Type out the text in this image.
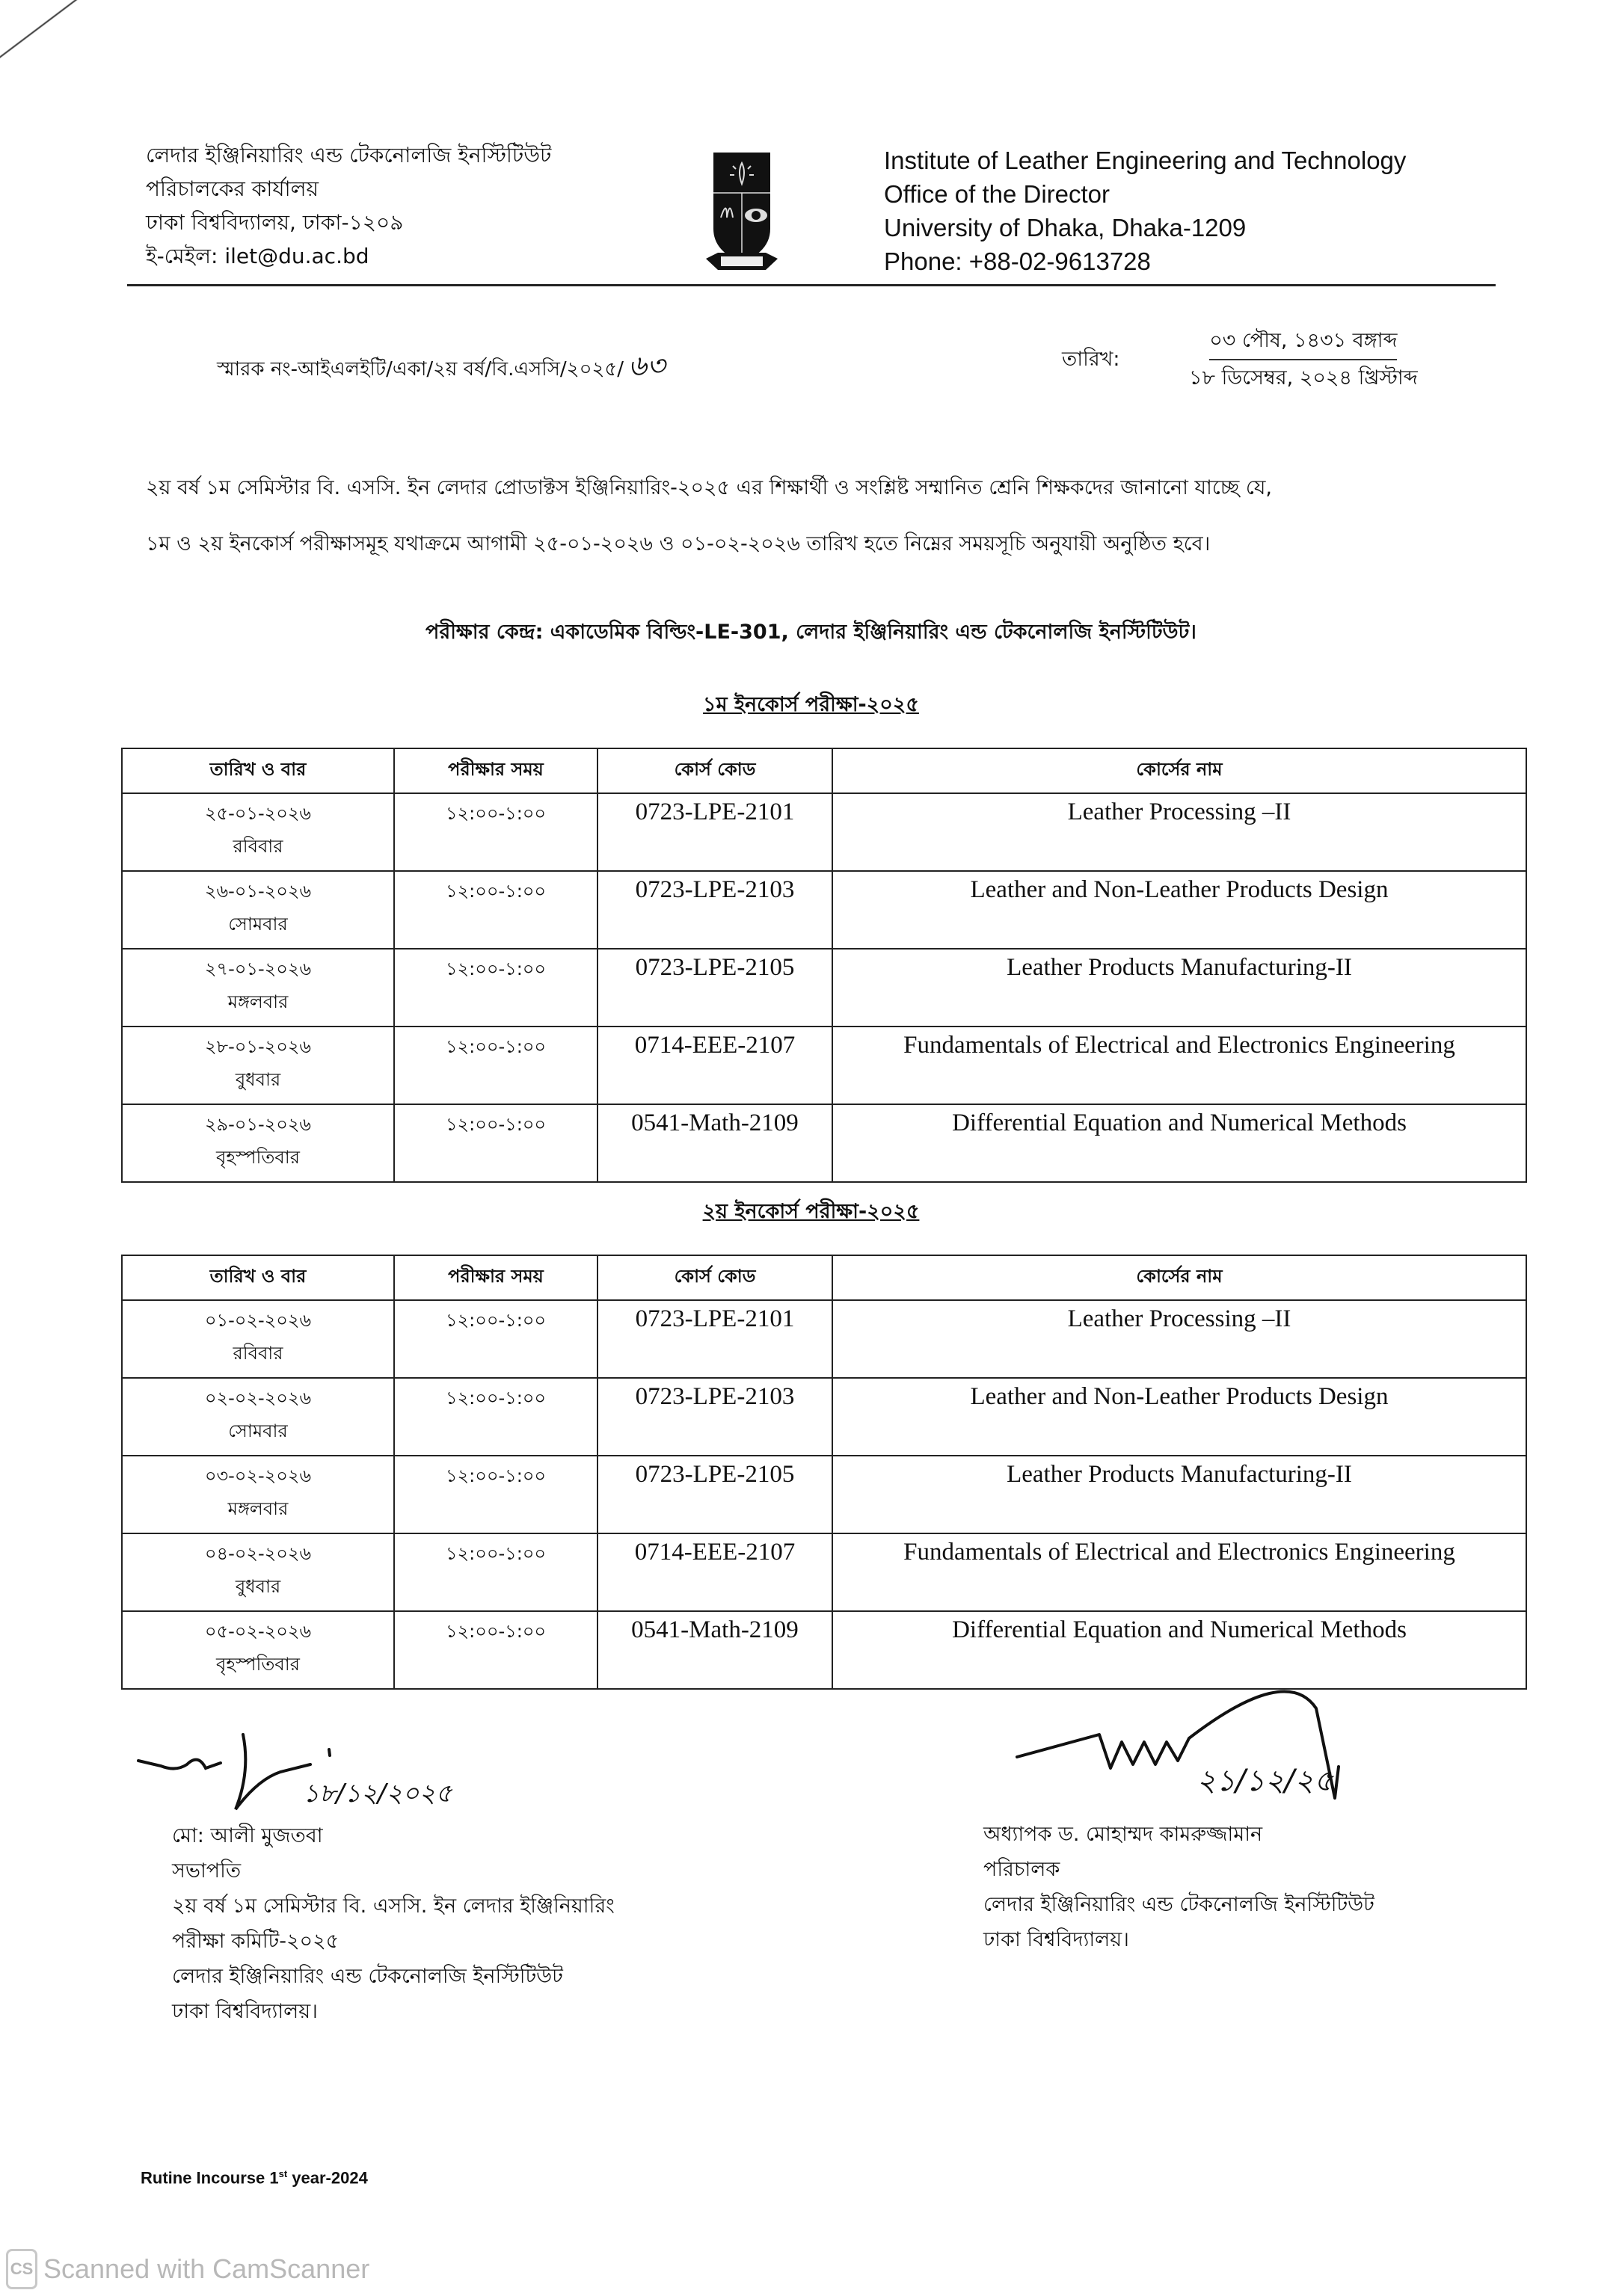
লেদার ইঞ্জিনিয়ারিং এন্ড টেকনোলজি ইনস্টিটিউট
পরিচালকের কার্যালয়
ঢাকা বিশ্ববিদ্যালয়, ঢাকা-১২০৯
ই-মেইল: ilet@du.ac.bd
Institute of Leather Engineering and Technology
Office of the Director
University of Dhaka, Dhaka-1209
Phone: +88-02-9613728
স্মারক নং-আইএলইটি/একা/২য় বর্ষ/বি.এসসি/২০২৫/ ৬৩	তারিখ:
০৩ পৌষ, ১৪৩১ বঙ্গাব্দ
১৮ ডিসেম্বর, ২০২৪ খ্রিস্টাব্দ
২য় বর্ষ ১ম সেমিস্টার বি. এসসি. ইন লেদার প্রোডাক্টস ইঞ্জিনিয়ারিং-২০২৫ এর শিক্ষার্থী ও সংশ্লিষ্ট সম্মানিত শ্রেনি শিক্ষকদের জানানো যাচ্ছে যে,
১ম ও ২য় ইনকোর্স পরীক্ষাসমূহ যথাক্রমে আগামী ২৫-০১-২০২৬ ও ০১-০২-২০২৬ তারিখ হতে নিম্নের সময়সূচি অনুযায়ী অনুষ্ঠিত হবে।
পরীক্ষার কেন্দ্র: একাডেমিক বিল্ডিং-LE-301, লেদার ইঞ্জিনিয়ারিং এন্ড টেকনোলজি ইনস্টিটিউট।
১ম ইনকোর্স পরীক্ষা-২০২৫
তারিখ ও বার	পরীক্ষার সময়	কোর্স কোড	কোর্সের নাম

২৫-০১-২০২৬
রবিবার	১২:০০-১:০০	0723-LPE-2101	Leather Processing –II

২৬-০১-২০২৬
সোমবার	১২:০০-১:০০	0723-LPE-2103	Leather and Non-Leather Products Design

২৭-০১-২০২৬
মঙ্গলবার	১২:০০-১:০০	0723-LPE-2105	Leather Products Manufacturing-II

২৮-০১-২০২৬
বুধবার	১২:০০-১:০০	0714-EEE-2107	Fundamentals of Electrical and Electronics Engineering

২৯-০১-২০২৬
বৃহস্পতিবার	১২:০০-১:০০	0541-Math-2109	Differential Equation and Numerical Methods
২য় ইনকোর্স পরীক্ষা-২০২৫
তারিখ ও বার	পরীক্ষার সময়	কোর্স কোড	কোর্সের নাম

০১-০২-২০২৬
রবিবার	১২:০০-১:০০	0723-LPE-2101	Leather Processing –II

০২-০২-২০২৬
সোমবার	১২:০০-১:০০	0723-LPE-2103	Leather and Non-Leather Products Design

০৩-০২-২০২৬
মঙ্গলবার	১২:০০-১:০০	0723-LPE-2105	Leather Products Manufacturing-II

০৪-০২-২০২৬
বুধবার	১২:০০-১:০০	0714-EEE-2107	Fundamentals of Electrical and Electronics Engineering

০৫-০২-২০২৬
বৃহস্পতিবার	১২:০০-১:০০	0541-Math-2109	Differential Equation and Numerical Methods
১৮/১২/২০২৫	২১/১২/২৫
মো: আলী মুজতবা
সভাপতি
২য় বর্ষ ১ম সেমিস্টার বি. এসসি. ইন লেদার ইঞ্জিনিয়ারিং
পরীক্ষা কমিটি-২০২৫
লেদার ইঞ্জিনিয়ারিং এন্ড টেকনোলজি ইনস্টিটিউট
ঢাকা বিশ্ববিদ্যালয়।
অধ্যাপক ড. মোহাম্মদ কামরুজ্জামান
পরিচালক
লেদার ইঞ্জিনিয়ারিং এন্ড টেকনোলজি ইনস্টিটিউট
ঢাকা বিশ্ববিদ্যালয়।
Rutine Incourse 1st year-2024
CS Scanned with CamScanner
